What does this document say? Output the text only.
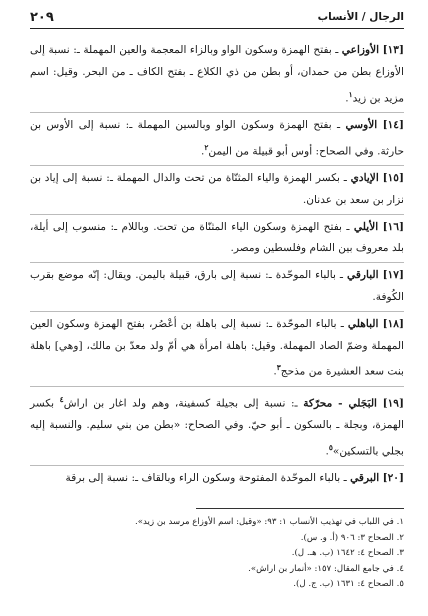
٢٠٩	الرجال / الأنساب
[١٣] الأوزاعي ـ بفتح الهمزة وسكون الواو وبالزاء المعجمة والعين المهملة ـ: نسبة إلى الأوزاع بطن من حمدان، أو بطن من ذي الكلاع ـ بفتح الكاف ـ من البحر. وقيل: اسم مزيد بن زيد$^١$.
[١٤] الأوسي ـ بفتح الهمزة وسكون الواو وبالسين المهملة ـ: نسبة إلى الأوس بن حارثة. وفي الصحاح: أوس أبو قبيلة من اليمن$^٢$.
[١٥] الإيادي ـ بكسر الهمزة والياء المثنّاة من تحت والدال المهملة ـ: نسبة إلى إياد بن نزار بن سعد بن عدنان.
[١٦] الأيلي ـ بفتح الهمزة وسكون الياء المثنّاة من تحت. وباللام ـ: منسوب إلى أيلة، بلد معروف بين الشام وفلسطين ومصر.
[١٧] البارقي ـ بالباء الموحّدة ـ: نسبة إلى بارق، قبيلة باليمن. ويقال: إنّه موضع بقرب الكُوفة.
[١٨] الباهلي ـ بالباء الموحّدة ـ: نسبة إلى باهلة بن أعْصُر، بفتح الهمزة وسكون العين المهملة وضمّ الصاد المهملة. وقيل: باهلة امرأة هي أمّ ولد معدّ بن مالك، [وهي] باهلة بنت سعد العشيرة من مذحج$^٣$.
[١٩] البَجَلي - محرّكة ـ: نسبة إلى بجيلة كسفينة، وهم ولد اغار بن اراش$^٤$ بكسر الهمزة، وبجلة ـ بالسكون ـ أبو حيّ. وفي الصحاح: «بطن من بني سليم. والنسبة إليه بجلي بالتسكين»$^٥$.
[٢٠] البرقي ـ بالباء الموحّدة المفتوحة وسكون الراء وبالقاف ـ: نسبة إلى برقة

١. في اللباب في تهذيب الأنساب ١: ٩٣: «وقيل: اسم الأوزاع مرسد بن زيد».

٢. الصحاح ٣: ٩٠٦ (أ. و. س).

٣. الصحاح ٤: ١٦٤٢ (ب. هـ. ل).

٤. في جامع المقال: ١٥٧: «أنمار بن اراش».

٥. الصحاح ٤: ١٦٣١ (ب. ج. ل).
